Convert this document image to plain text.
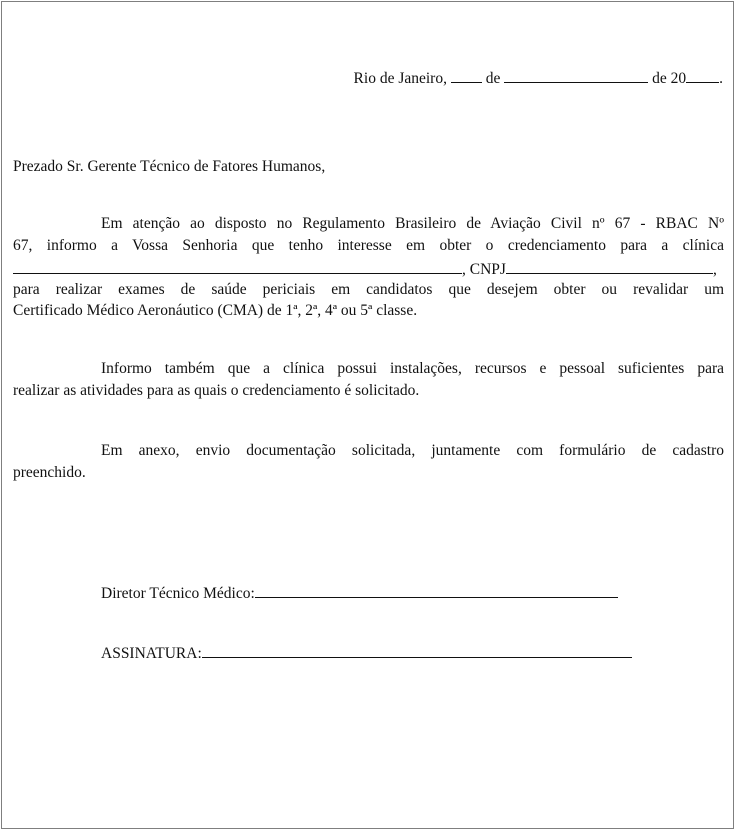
Rio de Janeiro,	de	de 20 .
Prezado Sr. Gerente Técnico de Fatores Humanos,
Em atenção ao disposto no Regulamento Brasileiro de Aviação Civil nº 67 - RBAC Nº
67, informo a Vossa Senhoria que tenho interesse em obter o credenciamento para a clínica
, CNPJ	,
para realizar exames de saúde periciais em candidatos que desejem obter ou revalidar um
Certificado Médico Aeronáutico (CMA) de 1ª, 2ª, 4ª ou 5ª classe.
Informo também que a clínica possui instalações, recursos e pessoal suficientes para
realizar as atividades para as quais o credenciamento é solicitado.
Em anexo, envio documentação solicitada, juntamente com formulário de cadastro
preenchido.
Diretor Técnico Médico:
ASSINATURA:
